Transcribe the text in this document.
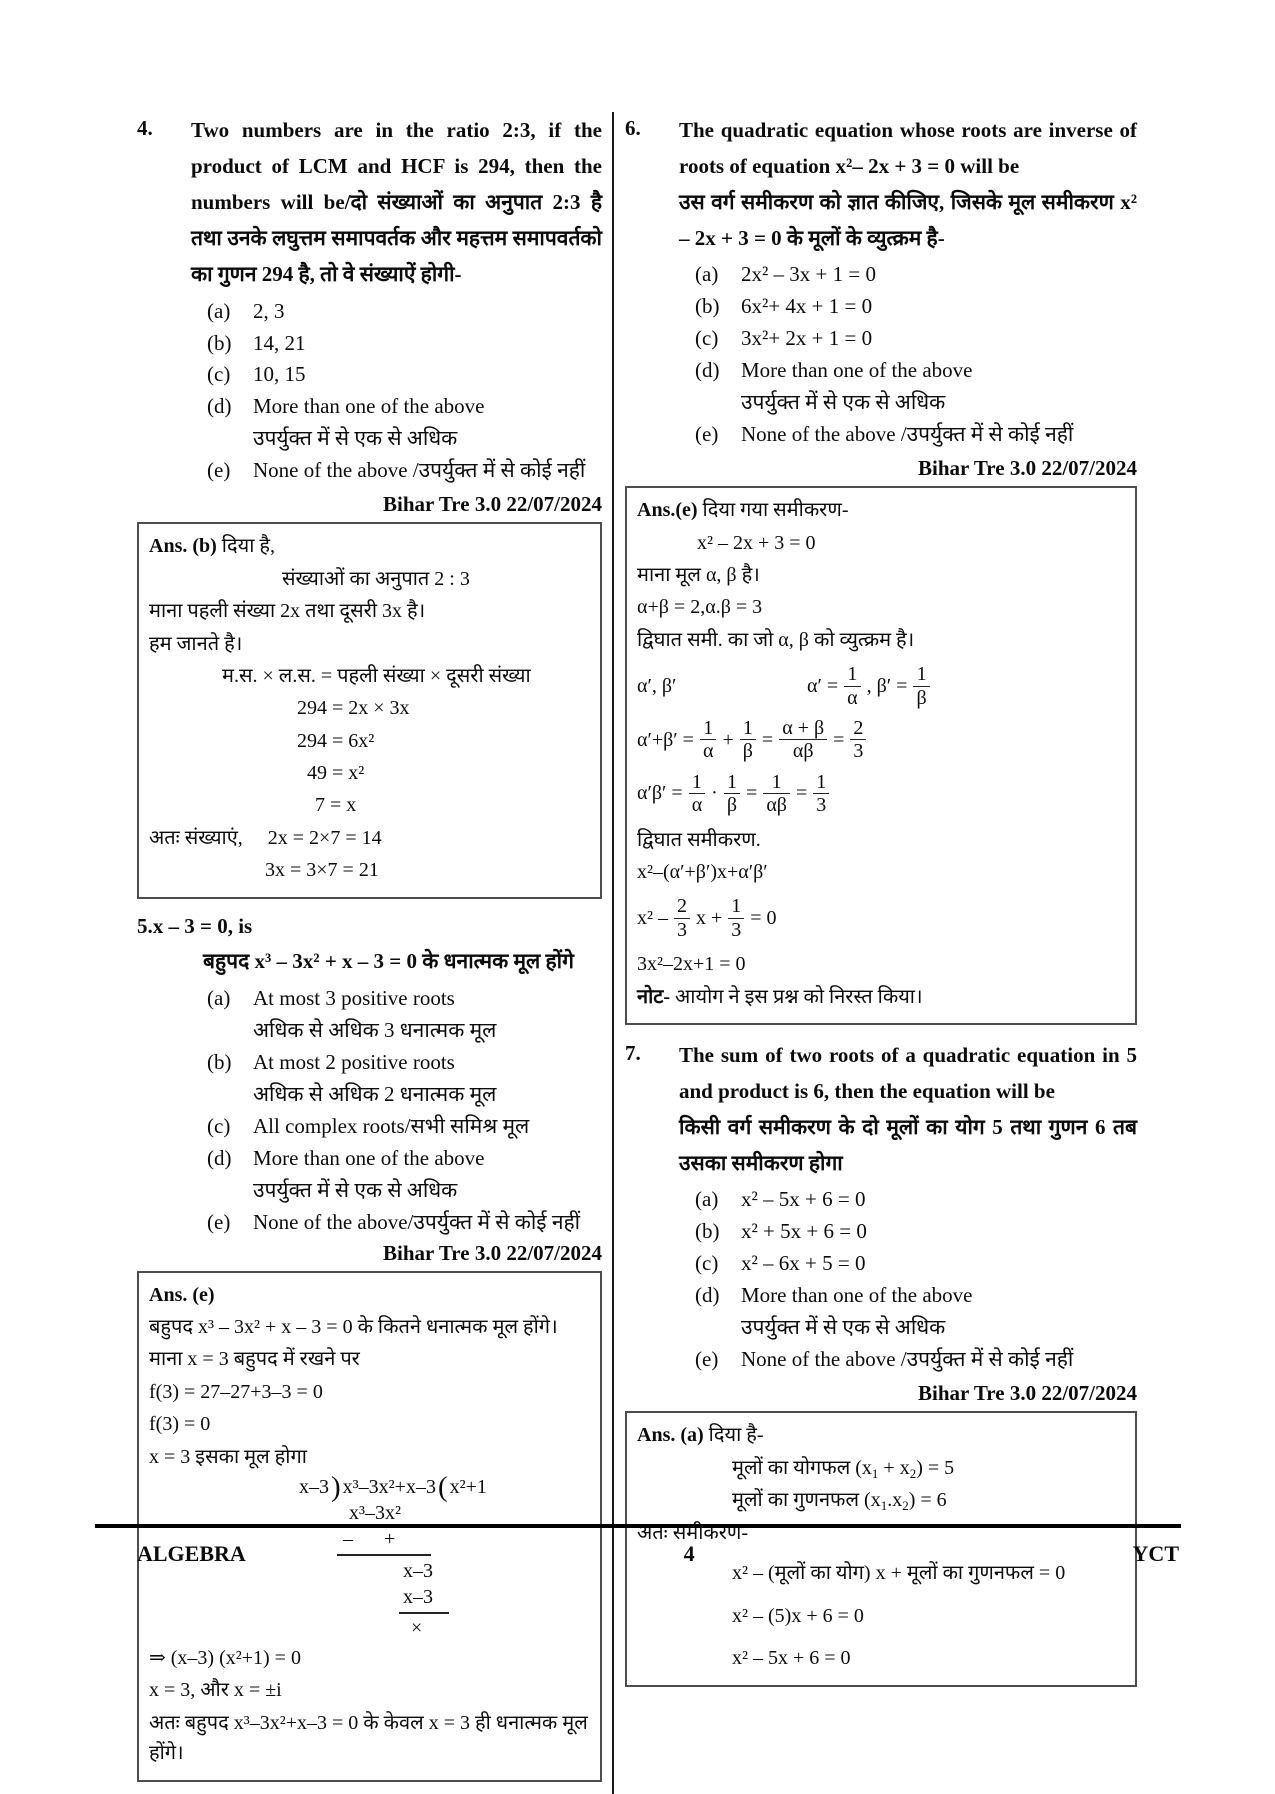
4.	Two numbers are in the ratio 2:3, if the product of LCM and HCF is 294, then the numbers will be/दो संख्याओं का अनुपात 2:3 है तथा उनके लघुत्तम समापवर्तक और महत्तम समापवर्तको का गुणन 294 है, तो वे संख्याऐं होगी-

(a)	2, 3
(b)	14, 21
(c)	10, 15
(d)	More than one of the above
उपर्युक्त में से एक से अधिक
(e)	None of the above /उपर्युक्त में से कोई नहीं
Bihar Tre 3.0 22/07/2024
Ans. (b) दिया है,
संख्याओं का अनुपात 2 : 3
माना पहली संख्या 2x तथा दूसरी 3x है।
हम जानते है।
म.स. × ल.स. = पहली संख्या × दूसरी संख्या
294 = 2x × 3x
294 = 6x²
49 = x²
7 = x
अतः संख्याएं, 2x = 2×7 = 14
3x = 3×7 = 21

5.x – 3 = 0, is

बहुपद x³ – 3x² + x – 3 = 0 के धनात्मक मूल होंगे

(a)	At most 3 positive roots
अधिक से अधिक 3 धनात्मक मूल
(b)	At most 2 positive roots
अधिक से अधिक 2 धनात्मक मूल
(c)	All complex roots/सभी समिश्र मूल
(d)	More than one of the above
उपर्युक्त में से एक से अधिक
(e)	None of the above/उपर्युक्त में से कोई नहीं
Bihar Tre 3.0 22/07/2024
Ans. (e)
बहुपद x³ – 3x² + x – 3 = 0 के कितने धनात्मक मूल होंगे।
माना x = 3 बहुपद में रखने पर
f(3) = 27–27+3–3 = 0
f(3) = 0
x = 3 इसका मूल होगा
x–3) x³–3x²+x–3( x²+1
x³–3x²
– +
x–3
x–3
×
⇒ (x–3) (x²+1) = 0
x = 3, और x = ±i
अतः बहुपद x³–3x²+x–3 = 0 के केवल x = 3 ही धनात्मक मूल होंगे।
6.	The quadratic equation whose roots are inverse of roots of equation x²– 2x + 3 = 0 will be
उस वर्ग समीकरण को ज्ञात कीजिए, जिसके मूल समीकरण x² – 2x + 3 = 0 के मूलों के व्युत्क्रम है-

(a)	2x² – 3x + 1 = 0
(b)	6x²+ 4x + 1 = 0
(c)	3x²+ 2x + 1 = 0
(d)	More than one of the above
उपर्युक्त में से एक से अधिक
(e)	None of the above /उपर्युक्त में से कोई नहीं
Bihar Tre 3.0 22/07/2024
Ans.(e) दिया गया समीकरण-
x² – 2x + 3 = 0
माना मूल α, β है।
α+β = 2, α.β = 3
द्विघात समी. का जो α, β को व्युत्क्रम है।
α′, β′	$\alpha' = \frac{1}{\alpha}$ , $\beta' = \frac{1}{\beta}$
$\alpha'+\beta' = \frac{1}{\alpha} + \frac{1}{\beta} = \frac{\alpha + \beta}{\alpha\beta} = \frac{2}{3}$
$\alpha'\beta' = \frac{1}{\alpha} \cdot \frac{1}{\beta} = \frac{1}{\alpha\beta} = \frac{1}{3}$
द्विघात समीकरण.
x²–(α′+β′)x+α′β′
$x^2 - \frac{2}{3}$ $x + \frac{1}{3} = 0$
3x²–2x+1 = 0
नोट- आयोग ने इस प्रश्न को निरस्त किया।
7.	The sum of two roots of a quadratic equation in 5 and product is 6, then the equation will be
किसी वर्ग समीकरण के दो मूलों का योग 5 तथा गुणन 6 तब उसका समीकरण होगा

(a)	x² – 5x + 6 = 0
(b)	x² + 5x + 6 = 0
(c)	x² – 6x + 5 = 0
(d)	More than one of the above
उपर्युक्त में से एक से अधिक
(e)	None of the above /उपर्युक्त में से कोई नहीं
Bihar Tre 3.0 22/07/2024
Ans. (a) दिया है-
मूलों का योगफल $(x_1 + x_2) = 5$
मूलों का गुणनफल $(x_1.x_2) = 6$
अतः समीकरण-
x² – (मूलों का योग) x + मूलों का गुणनफल = 0
x² – (5)x + 6 = 0
x² – 5x + 6 = 0
ALGEBRA	4	YCT
